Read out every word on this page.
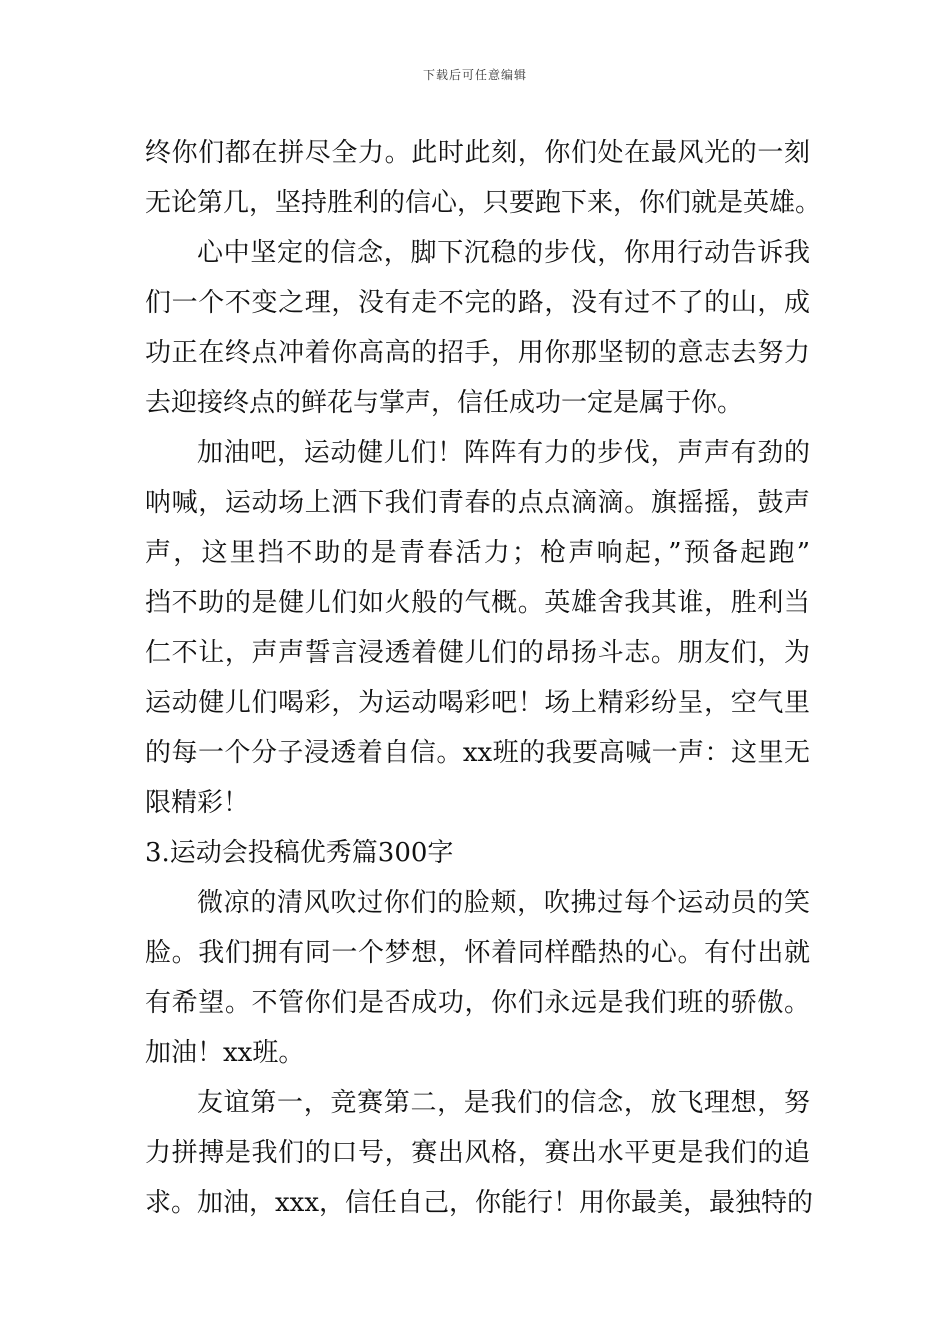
下载后可任意编辑
终你们都在拼尽全力。此时此刻，你们处在最风光的一刻
无论第几，坚持胜利的信心，只要跑下来，你们就是英雄。
心中坚定的信念，脚下沉稳的步伐，你用行动告诉我
们一个不变之理，没有走不完的路，没有过不了的山，成
功正在终点冲着你高高的招手，用你那坚韧的意志去努力
去迎接终点的鲜花与掌声，信任成功一定是属于你。
加油吧，运动健儿们！阵阵有力的步伐，声声有劲的
呐喊，运动场上洒下我们青春的点点滴滴。旗摇摇，鼓声
声，这里挡不助的是青春活力；枪声响起，”预备起跑”
挡不助的是健儿们如火般的气概。英雄舍我其谁，胜利当
仁不让，声声誓言浸透着健儿们的昂扬斗志。朋友们，为
运动健儿们喝彩，为运动喝彩吧！场上精彩纷呈，空气里
的每一个分子浸透着自信。xx班的我要高喊一声：这里无
限精彩！
3.运动会投稿优秀篇300字
微凉的清风吹过你们的脸颊，吹拂过每个运动员的笑
脸。我们拥有同一个梦想，怀着同样酷热的心。有付出就
有希望。不管你们是否成功，你们永远是我们班的骄傲。
加油！xx班。
友谊第一，竞赛第二，是我们的信念，放飞理想，努
力拼搏是我们的口号，赛出风格，赛出水平更是我们的追
求。加油，xxx，信任自己，你能行！用你最美，最独特的
